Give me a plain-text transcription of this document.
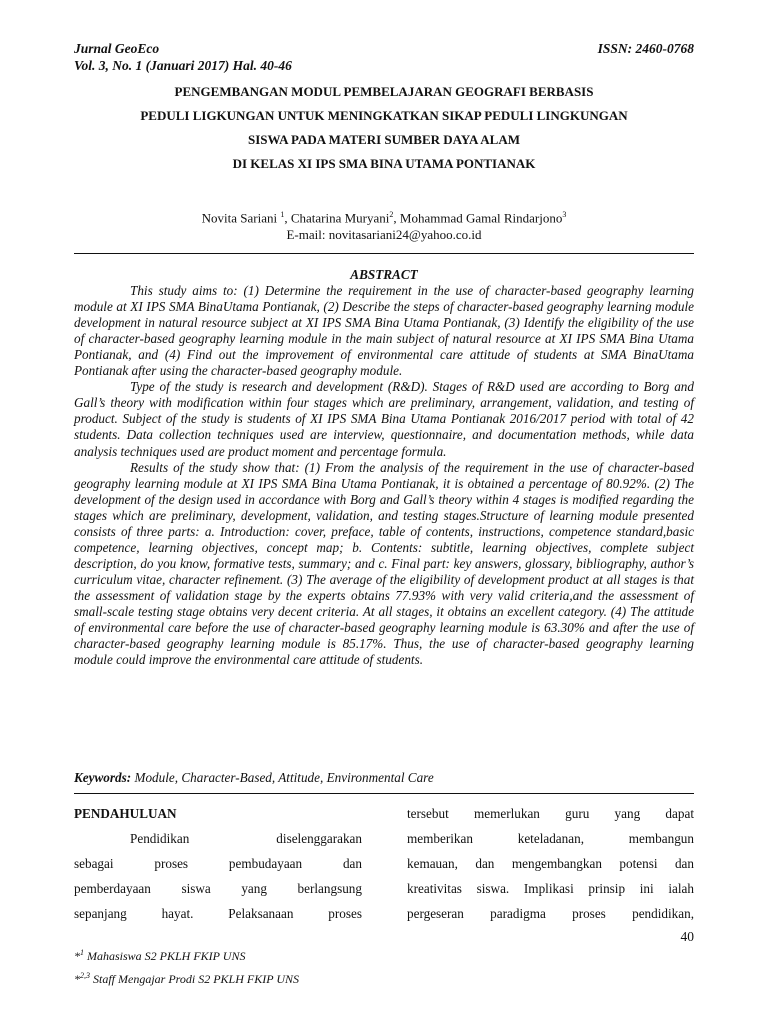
Jurnal GeoEco	ISSN: 2460-0768
Vol. 3, No. 1 (Januari 2017) Hal. 40-46
PENGEMBANGAN MODUL PEMBELAJARAN GEOGRAFI BERBASIS
PEDULI LIGKUNGAN UNTUK MENINGKATKAN SIKAP PEDULI LINGKUNGAN
SISWA PADA MATERI SUMBER DAYA ALAM
DI KELAS XI IPS SMA BINA UTAMA PONTIANAK
Novita Sariani $^1$, Chatarina Muryani$^2$, Mohammad Gamal Rindarjono$^3$
E-mail: novitasariani24@yahoo.co.id
ABSTRACT

This study aims to: (1) Determine the requirement in the use of character-based geography learning module at XI IPS SMA BinaUtama Pontianak, (2) Describe the steps of character-based geography learning module development in natural resource subject at XI IPS SMA Bina Utama Pontianak, (3) Identify the eligibility of the use of character-based geography learning module in the main subject of natural resource at XI IPS SMA Bina Utama Pontianak, and (4) Find out the improvement of environmental care attitude of students at SMA BinaUtama Pontianak after using the character-based geography module.

Type of the study is research and development (R&D). Stages of R&D used are according to Borg and Gall’s theory with modification within four stages which are preliminary, arrangement, validation, and testing of product. Subject of the study is students of XI IPS SMA Bina Utama Pontianak 2016/2017 period with total of 42 students. Data collection techniques used are interview, questionnaire, and documentation methods, while data analysis techniques used are product moment and percentage formula.

Results of the study show that: (1) From the analysis of the requirement in the use of character-based geography learning module at XI IPS SMA Bina Utama Pontianak, it is obtained a percentage of 80.92%. (2) The development of the design used in accordance with Borg and Gall’s theory within 4 stages is modified regarding the stages which are preliminary, development, validation, and testing stages.Structure of learning module presented consists of three parts: a. Introduction: cover, preface, table of contents, instructions, competence standard,basic competence, learning objectives, concept map; b. Contents: subtitle, learning objectives, complete subject description, do you know, formative tests, summary; and c. Final part: key answers, glossary, bibliography, author’s curriculum vitae, character refinement. (3) The average of the eligibility of development product at all stages is that the assessment of validation stage by the experts obtains 77.93% with very valid criteria,and the assessment of small-scale testing stage obtains very decent criteria. At all stages, it obtains an excellent category. (4) The attitude of environmental care before the use of character-based geography learning module is 63.30% and after the use of character-based geography learning module is 85.17%. Thus, the use of character-based geography learning module could improve the environmental care attitude of students.

Keywords: Module, Character-Based, Attitude, Environmental Care
PENDAHULUAN

Pendidikan diselenggarakan

sebagai proses pembudayaan dan

pemberdayaan siswa yang berlangsung

sepanjang hayat. Pelaksanaan proses

tersebut memerlukan guru yang dapat

memberikan keteladanan, membangun

kemauan, dan mengembangkan potensi dan

kreativitas siswa. Implikasi prinsip ini ialah

pergeseran paradigma proses pendidikan,

40
*$^1$ Mahasiswa S2 PKLH FKIP UNS
*$^{2,3}$ Staff Mengajar Prodi S2 PKLH FKIP UNS
